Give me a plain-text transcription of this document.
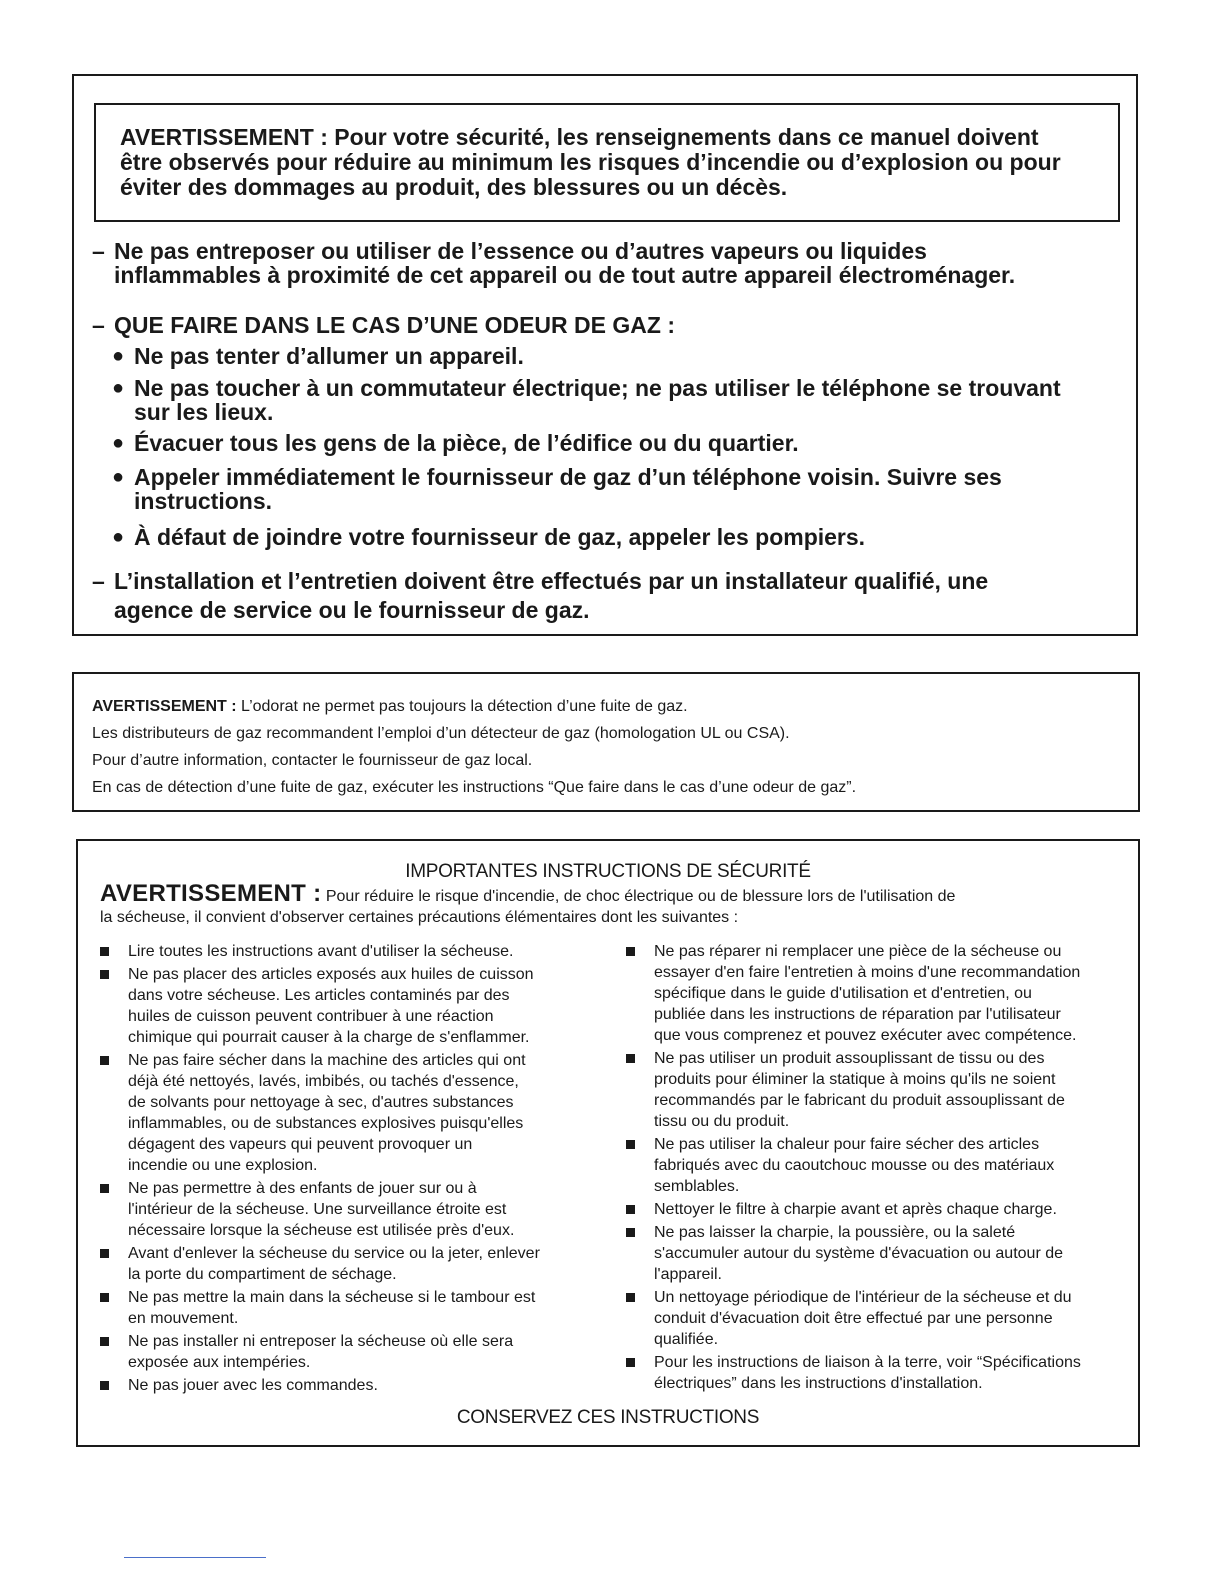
AVERTISSEMENT : Pour votre sécurité, les renseignements dans ce manuel doivent

être observés pour réduire au minimum les risques d’incendie ou d’explosion ou pour

éviter des dommages au produit, des blessures ou un décès.

– Ne pas entreposer ou utiliser de l’essence ou d’autres vapeurs ou liquides
inflammables à proximité de cet appareil ou de tout autre appareil électroménager.
– QUE FAIRE DANS LE CAS D’UNE ODEUR DE GAZ :
● Ne pas tenter d’allumer un appareil.
● Ne pas toucher à un commutateur électrique; ne pas utiliser le téléphone se trouvant
sur les lieux.
● Évacuer tous les gens de la pièce, de l’édifice ou du quartier.
● Appeler immédiatement le fournisseur de gaz d’un téléphone voisin. Suivre ses
instructions.
● À défaut de joindre votre fournisseur de gaz, appeler les pompiers.
– L’installation et l’entretien doivent être effectués par un installateur qualifié, une
agence de service ou le fournisseur de gaz.

AVERTISSEMENT : L’odorat ne permet pas toujours la détection d’une fuite de gaz.

Les distributeurs de gaz recommandent l’emploi d’un détecteur de gaz (homologation UL ou CSA).

Pour d’autre information, contacter le fournisseur de gaz local.

En cas de détection d’une fuite de gaz, exécuter les instructions “Que faire dans le cas d’une odeur de gaz”.

IMPORTANTES INSTRUCTIONS DE SÉCURITÉ
AVERTISSEMENT : Pour réduire le risque d'incendie, de choc électrique ou de blessure lors de l'utilisation de
la sécheuse, il convient d'observer certaines précautions élémentaires dont les suivantes :
Lire toutes les instructions avant d'utiliser la sécheuse.
Ne pas placer des articles exposés aux huiles de cuisson
dans votre sécheuse. Les articles contaminés par des
huiles de cuisson peuvent contribuer à une réaction
chimique qui pourrait causer à la charge de s'enflammer.
Ne pas faire sécher dans la machine des articles qui ont
déjà été nettoyés, lavés, imbibés, ou tachés d'essence,
de solvants pour nettoyage à sec, d'autres substances
inflammables, ou de substances explosives puisqu'elles
dégagent des vapeurs qui peuvent provoquer un
incendie ou une explosion.
Ne pas permettre à des enfants de jouer sur ou à
l'intérieur de la sécheuse. Une surveillance étroite est
nécessaire lorsque la sécheuse est utilisée près d'eux.
Avant d'enlever la sécheuse du service ou la jeter, enlever
la porte du compartiment de séchage.
Ne pas mettre la main dans la sécheuse si le tambour est
en mouvement.
Ne pas installer ni entreposer la sécheuse où elle sera
exposée aux intempéries.
Ne pas jouer avec les commandes.
Ne pas réparer ni remplacer une pièce de la sécheuse ou
essayer d'en faire l'entretien à moins d'une recommandation
spécifique dans le guide d'utilisation et d'entretien, ou
publiée dans les instructions de réparation par l'utilisateur
que vous comprenez et pouvez exécuter avec compétence.
Ne pas utiliser un produit assouplissant de tissu ou des
produits pour éliminer la statique à moins qu'ils ne soient
recommandés par le fabricant du produit assouplissant de
tissu ou du produit.
Ne pas utiliser la chaleur pour faire sécher des articles
fabriqués avec du caoutchouc mousse ou des matériaux
semblables.
Nettoyer le filtre à charpie avant et après chaque charge.
Ne pas laisser la charpie, la poussière, ou la saleté
s'accumuler autour du système d'évacuation ou autour de
l'appareil.
Un nettoyage périodique de l'intérieur de la sécheuse et du
conduit d'évacuation doit être effectué par une personne
qualifiée.
Pour les instructions de liaison à la terre, voir “Spécifications
électriques” dans les instructions d'installation.
CONSERVEZ CES INSTRUCTIONS
